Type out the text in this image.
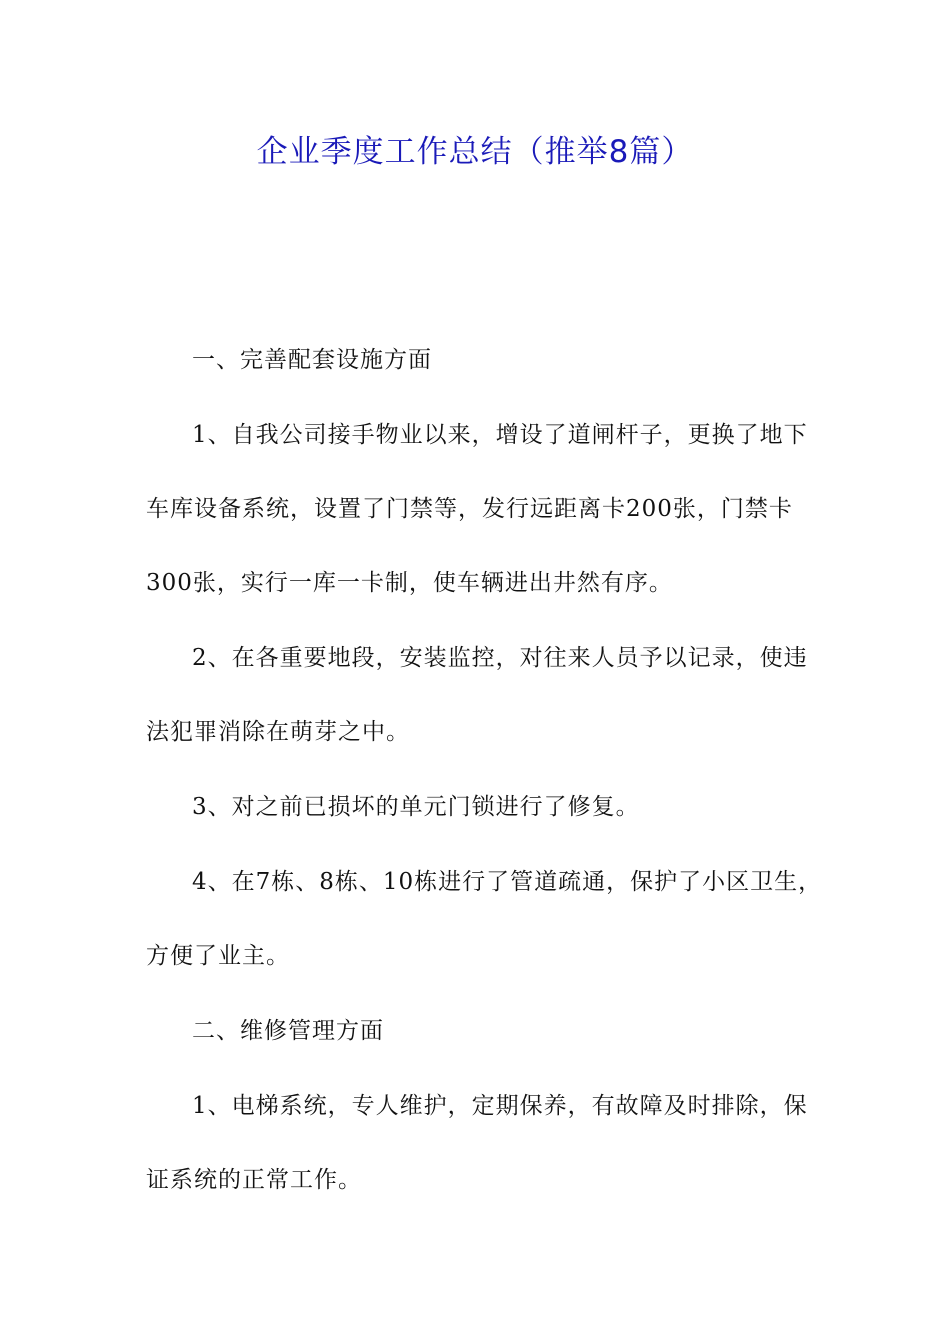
企业季度工作总结（推举8篇）
一、完善配套设施方面
1、自我公司接手物业以来，增设了道闸杆子，更换了地下
车库设备系统，设置了门禁等，发行远距离卡200张，门禁卡
300张，实行一库一卡制，使车辆进出井然有序。
2、在各重要地段，安装监控，对往来人员予以记录，使违
法犯罪消除在萌芽之中。
3、对之前已损坏的单元门锁进行了修复。
4、在7栋、8栋、10栋进行了管道疏通，保护了小区卫生，
方便了业主。
二、维修管理方面
1、电梯系统，专人维护，定期保养，有故障及时排除，保
证系统的正常工作。
